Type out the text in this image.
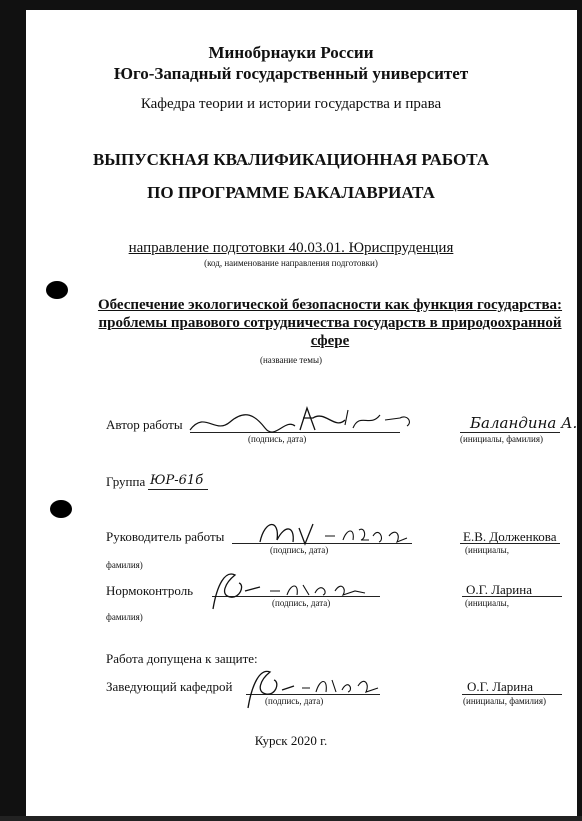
Минобрнауки России
Юго-Западный государственный университет
Кафедра теории и истории государства и права
ВЫПУСКНАЯ КВАЛИФИКАЦИОННАЯ РАБОТА
ПО ПРОГРАММЕ БАКАЛАВРИАТА
направление подготовки 40.03.01. Юриспруденция
(код, наименование направления подготовки)
Обеспечение экологической безопасности как функция государства: проблемы правового сотрудничества государств в природоохранной сфере
(название темы)
Автор работы
(подпись, дата)
Баландина А.
(инициалы, фамилия)
Группа ЮР-61б
Руководитель работы
(подпись, дата)
Е.В. Долженкова
(инициалы,
фамилия)
Нормоконтроль
(подпись, дата)
О.Г. Ларина
(инициалы,
фамилия)
Работа допущена к защите:
Заведующий кафедрой
(подпись, дата)
О.Г. Ларина
(инициалы, фамилия)
Курск 2020 г.
